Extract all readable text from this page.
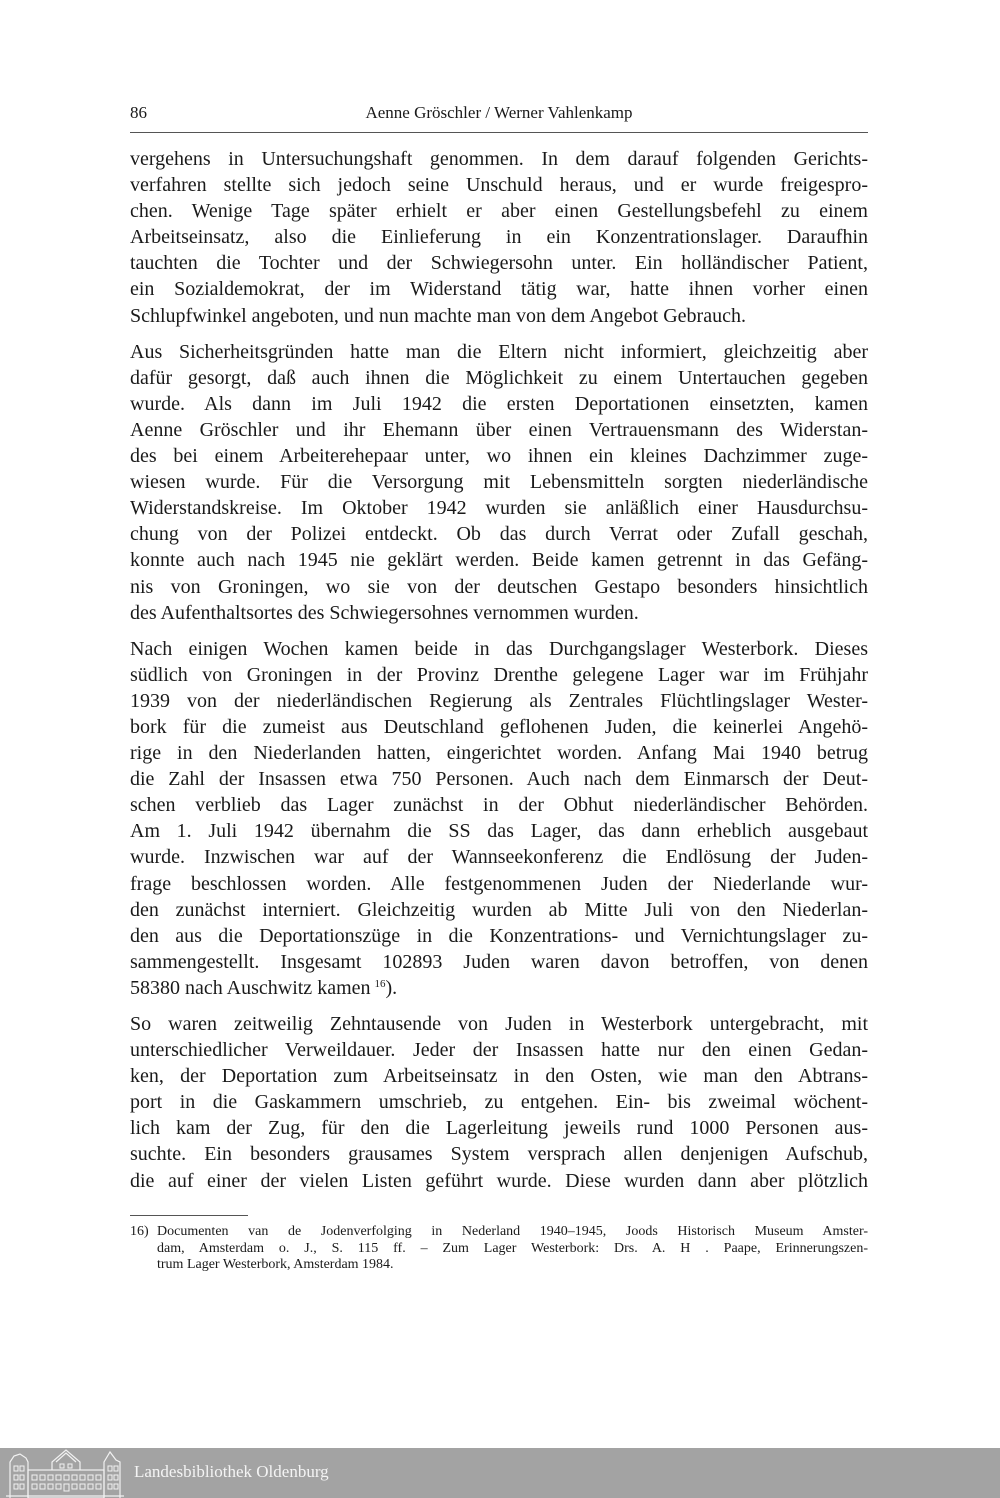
86	Aenne Gröschler / Werner Vahlenkamp

vergehens in Untersuchungshaft genommen. In dem darauf folgenden Gerichts-
verfahren stellte sich jedoch seine Unschuld heraus, und er wurde freigespro-
chen. Wenige Tage später erhielt er aber einen Gestellungsbefehl zu einem
Arbeitseinsatz, also die Einlieferung in ein Konzentrationslager. Daraufhin
tauchten die Tochter und der Schwiegersohn unter. Ein holländischer Patient,
ein Sozialdemokrat, der im Widerstand tätig war, hatte ihnen vorher einen
Schlupfwinkel angeboten, und nun machte man von dem Angebot Gebrauch.

Aus Sicherheitsgründen hatte man die Eltern nicht informiert, gleichzeitig aber
dafür gesorgt, daß auch ihnen die Möglichkeit zu einem Untertauchen gegeben
wurde. Als dann im Juli 1942 die ersten Deportationen einsetzten, kamen
Aenne Gröschler und ihr Ehemann über einen Vertrauensmann des Widerstan-
des bei einem Arbeiterehepaar unter, wo ihnen ein kleines Dachzimmer zuge-
wiesen wurde. Für die Versorgung mit Lebensmitteln sorgten niederländische
Widerstandskreise. Im Oktober 1942 wurden sie anläßlich einer Hausdurchsu-
chung von der Polizei entdeckt. Ob das durch Verrat oder Zufall geschah,
konnte auch nach 1945 nie geklärt werden. Beide kamen getrennt in das Gefäng-
nis von Groningen, wo sie von der deutschen Gestapo besonders hinsichtlich
des Aufenthaltsortes des Schwiegersohnes vernommen wurden.

Nach einigen Wochen kamen beide in das Durchgangslager Westerbork. Dieses
südlich von Groningen in der Provinz Drenthe gelegene Lager war im Frühjahr
1939 von der niederländischen Regierung als Zentrales Flüchtlingslager Wester-
bork für die zumeist aus Deutschland geflohenen Juden, die keinerlei Angehö-
rige in den Niederlanden hatten, eingerichtet worden. Anfang Mai 1940 betrug
die Zahl der Insassen etwa 750 Personen. Auch nach dem Einmarsch der Deut-
schen verblieb das Lager zunächst in der Obhut niederländischer Behörden.
Am 1. Juli 1942 übernahm die SS das Lager, das dann erheblich ausgebaut
wurde. Inzwischen war auf der Wannseekonferenz die Endlösung der Juden-
frage beschlossen worden. Alle festgenommenen Juden der Niederlande wur-
den zunächst interniert. Gleichzeitig wurden ab Mitte Juli von den Niederlan-
den aus die Deportationszüge in die Konzentrations- und Vernichtungslager zu-
sammengestellt. Insgesamt 102893 Juden waren davon betroffen, von denen
58380 nach Auschwitz kamen  $^{16}$).

So waren zeitweilig Zehntausende von Juden in Westerbork untergebracht, mit
unterschiedlicher Verweildauer. Jeder der Insassen hatte nur den einen Gedan-
ken, der Deportation zum Arbeitseinsatz in den Osten, wie man den Abtrans-
port in die Gaskammern umschrieb, zu entgehen. Ein- bis zweimal wöchent-
lich kam der Zug, für den die Lagerleitung jeweils rund 1000 Personen aus-
suchte. Ein besonders grausames System versprach allen denjenigen Aufschub,
die auf einer der vielen Listen geführt wurde. Diese wurden dann aber plötzlich

16) Documenten van de Jodenverfolging in Nederland 1940–1945, Joods Historisch Museum Amster-
dam, Amsterdam o. J., S. 115 ff. – Zum Lager Westerbork: Drs. A. H . Paape, Erinnerungszen-
trum Lager Westerbork, Amsterdam 1984.
Landesbibliothek Oldenburg
